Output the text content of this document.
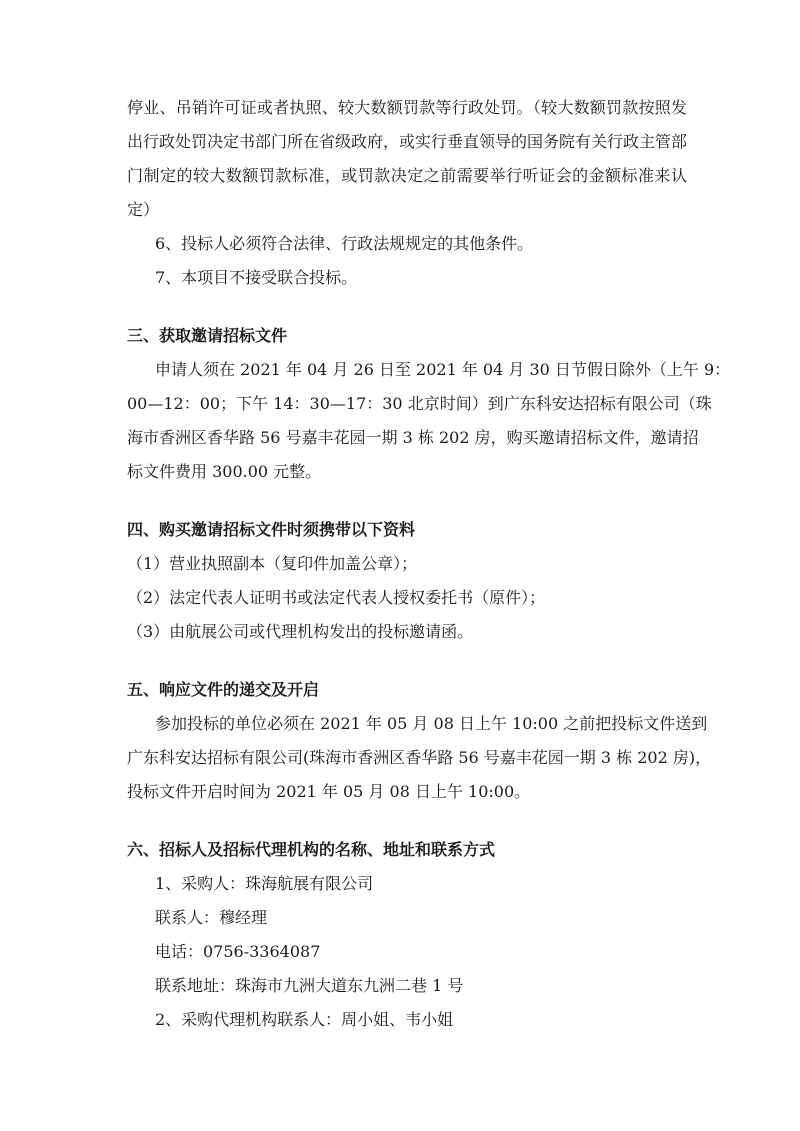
停业、吊销许可证或者执照、较大数额罚款等行政处罚。（较大数额罚款按照发
出行政处罚决定书部门所在省级政府，或实行垂直领导的国务院有关行政主管部
门制定的较大数额罚款标准，或罚款决定之前需要举行听证会的金额标准来认
定）
6、投标人必须符合法律、行政法规规定的其他条件。
7、本项目不接受联合投标。
三、获取邀请招标文件
申请人须在 2021 年 04 月 26 日至 2021 年 04 月 30 日节假日除外（上午 9：
00—12：00；下午 14：30—17：30 北京时间）到广东科安达招标有限公司（珠
海市香洲区香华路 56 号嘉丰花园一期 3 栋 202 房，购买邀请招标文件，邀请招
标文件费用 300.00 元整。
四、购买邀请招标文件时须携带以下资料
（1）营业执照副本（复印件加盖公章）；
（2）法定代表人证明书或法定代表人授权委托书（原件）；
（3）由航展公司或代理机构发出的投标邀请函。
五、响应文件的递交及开启
参加投标的单位必须在 2021 年 05 月 08 日上午 10:00 之前把投标文件送到
广东科安达招标有限公司(珠海市香洲区香华路 56 号嘉丰花园一期 3 栋 202 房)，
投标文件开启时间为 2021 年 05 月 08 日上午 10:00。
六、招标人及招标代理机构的名称、地址和联系方式
1、采购人：珠海航展有限公司
联系人：穆经理
电话：0756-3364087
联系地址：珠海市九洲大道东九洲二巷 1 号
2、采购代理机构联系人：周小姐、韦小姐
